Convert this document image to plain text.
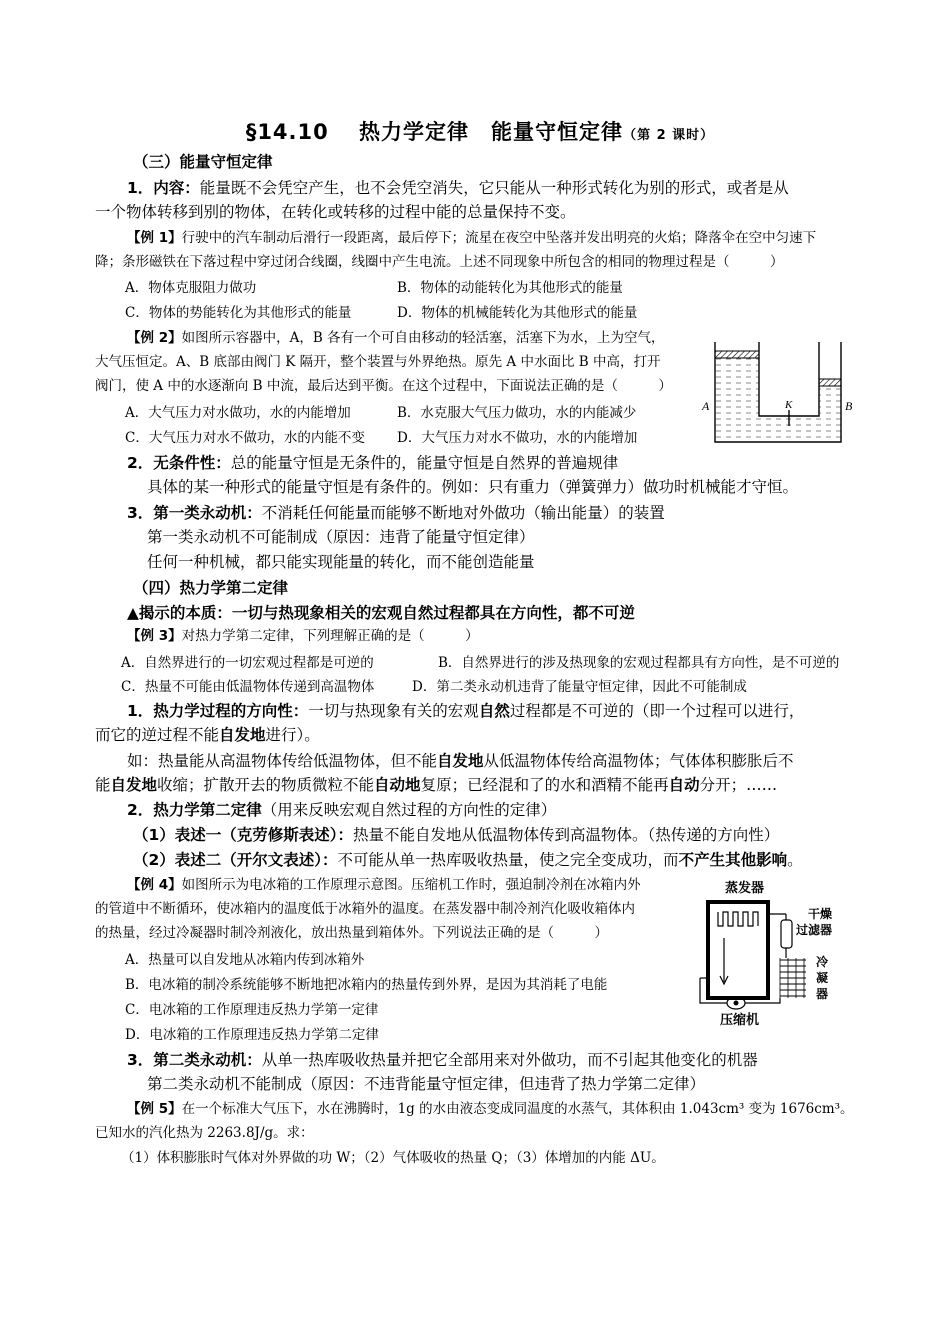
§14.10　 热力学定律　能量守恒定律（第 2 课时）
（三）能量守恒定律
1．内容：能量既不会凭空产生，也不会凭空消失，它只能从一种形式转化为别的形式，或者是从
一个物体转移到别的物体，在转化或转移的过程中能的总量保持不变。
【例 1】行驶中的汽车制动后滑行一段距离，最后停下；流星在夜空中坠落并发出明亮的火焰；降落伞在空中匀速下
降；条形磁铁在下落过程中穿过闭合线圈，线圈中产生电流。上述不同现象中所包含的相同的物理过程是（　　　）
A．物体克服阻力做功	B．物体的动能转化为其他形式的能量
C．物体的势能转化为其他形式的能量	D．物体的机械能转化为其他形式的能量
【例 2】如图所示容器中，A，B 各有一个可自由移动的轻活塞，活塞下为水，上为空气，
大气压恒定。A、B 底部由阀门 K 隔开，整个装置与外界绝热。原先 A 中水面比 B 中高，打开
阀门，使 A 中的水逐渐向 B 中流，最后达到平衡。在这个过程中，下面说法正确的是（　　　）
A．大气压力对水做功，水的内能增加	B．水克服大气压力做功，水的内能减少
C．大气压力对水不做功，水的内能不变 D．大气压力对水不做功，水的内能增加
A	K	B
2．无条件性：总的能量守恒是无条件的，能量守恒是自然界的普遍规律
具体的某一种形式的能量守恒是有条件的。例如：只有重力（弹簧弹力）做功时机械能才守恒。
3．第一类永动机：不消耗任何能量而能够不断地对外做功（输出能量）的装置
第一类永动机不可能制成（原因：违背了能量守恒定律）
任何一种机械，都只能实现能量的转化，而不能创造能量
（四）热力学第二定律
▲揭示的本质：一切与热现象相关的宏观自然过程都具在方向性，都不可逆
【例 3】对热力学第二定律，下列理解正确的是（　　　）
A．自然界进行的一切宏观过程都是可逆的	B．自然界进行的涉及热现象的宏观过程都具有方向性，是不可逆的
C．热量不可能由低温物体传递到高温物体	D．第二类永动机违背了能量守恒定律，因此不可能制成
1．热力学过程的方向性：一切与热现象有关的宏观自然过程都是不可逆的（即一个过程可以进行，
而它的逆过程不能自发地进行）。
如：热量能从高温物体传给低温物体，但不能自发地从低温物体传给高温物体；气体体积膨胀后不
能自发地收缩；扩散开去的物质微粒不能自动地复原；已经混和了的水和酒精不能再自动分开；……
2．热力学第二定律（用来反映宏观自然过程的方向性的定律）
（1）表述一（克劳修斯表述）：热量不能自发地从低温物体传到高温物体。（热传递的方向性）
（2）表述二（开尔文表述）：不可能从单一热库吸收热量，使之完全变成功，而不产生其他影响。
【例 4】如图所示为电冰箱的工作原理示意图。压缩机工作时，强迫制冷剂在冰箱内外
的管道中不断循环，使冰箱内的温度低于冰箱外的温度。在蒸发器中制冷剂汽化吸收箱体内
的热量，经过冷凝器时制冷剂液化，放出热量到箱体外。下列说法正确的是（　　　）
A．热量可以自发地从冰箱内传到冰箱外
B．电冰箱的制冷系统能够不断地把冰箱内的热量传到外界，是因为其消耗了电能
C．电冰箱的工作原理违反热力学第一定律
D．电冰箱的工作原理违反热力学第二定律
蒸发器
干燥
过滤器
冷
凝
器
压缩机
3．第二类永动机：从单一热库吸收热量并把它全部用来对外做功，而不引起其他变化的机器
第二类永动机不能制成（原因：不违背能量守恒定律，但违背了热力学第二定律）
【例 5】在一个标准大气压下，水在沸腾时，1g 的水由液态变成同温度的水蒸气，其体积由 1.043cm³ 变为 1676cm³。
已知水的汽化热为 2263.8J/g。求：
（1）体积膨胀时气体对外界做的功 W；（2）气体吸收的热量 Q；（3）体增加的内能 ΔU。
